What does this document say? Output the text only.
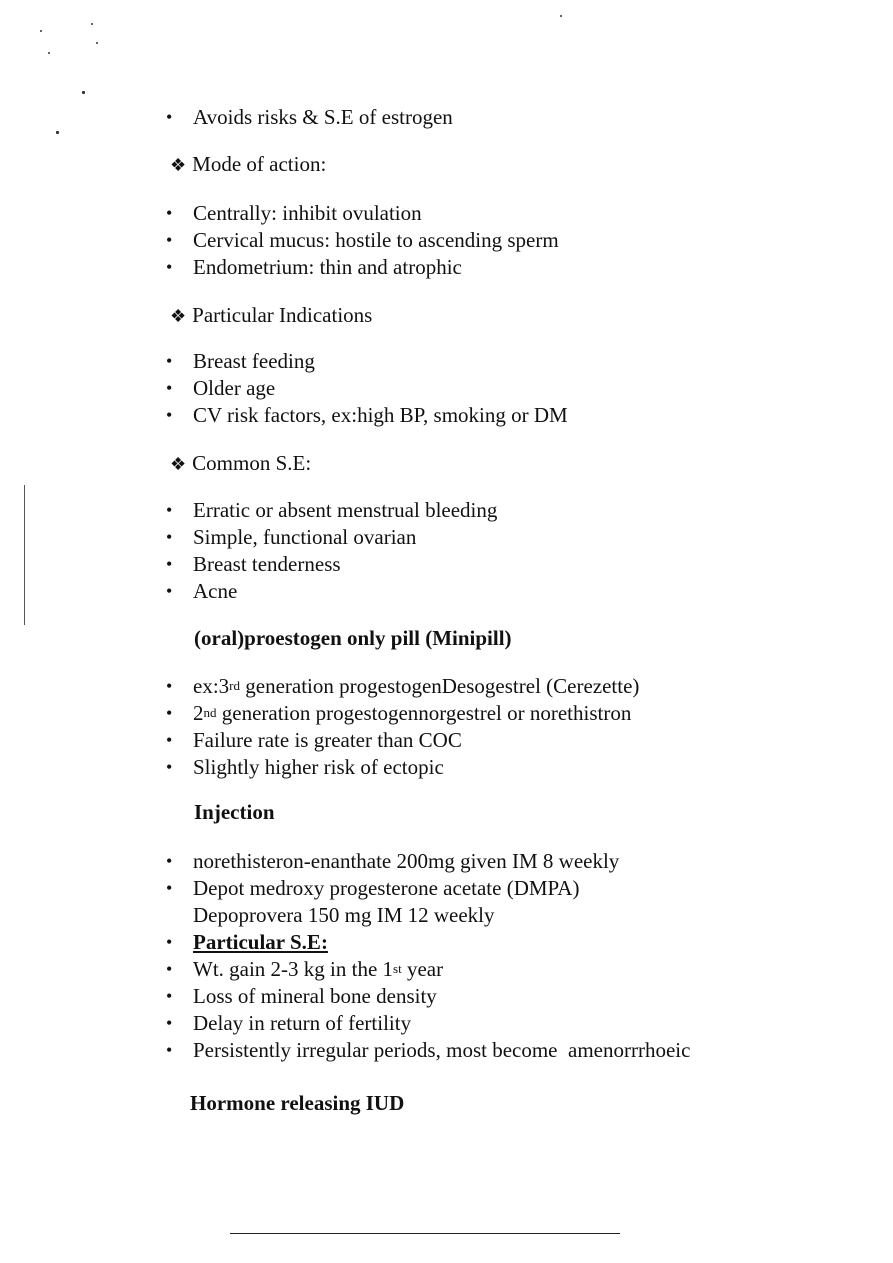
• Avoids risks & S.E of estrogen
❖ Mode of action:
• Centrally: inhibit ovulation
• Cervical mucus: hostile to ascending sperm
• Endometrium: thin and atrophic
❖ Particular Indications
• Breast feeding
• Older age
• CV risk factors, ex:high BP, smoking or DM
❖ Common S.E:
• Erratic or absent menstrual bleeding
• Simple, functional ovarian
• Breast tenderness
• Acne
(oral)proestogen only pill (Minipill)
• ex:3rd generation progestogenDesogestrel (Cerezette)
• 2nd generation progestogennorgestrel or norethistron
• Failure rate is greater than COC
• Slightly higher risk of ectopic
Injection
• norethisteron-enanthate 200mg given IM 8 weekly
• Depot medroxy progesterone acetate (DMPA)
Depoprovera 150 mg IM 12 weekly
• Particular S.E:
• Wt. gain 2-3 kg in the 1st year
• Loss of mineral bone density
• Delay in return of fertility
• Persistently irregular periods, most become  amenorrrhoeic
Hormone releasing IUD
